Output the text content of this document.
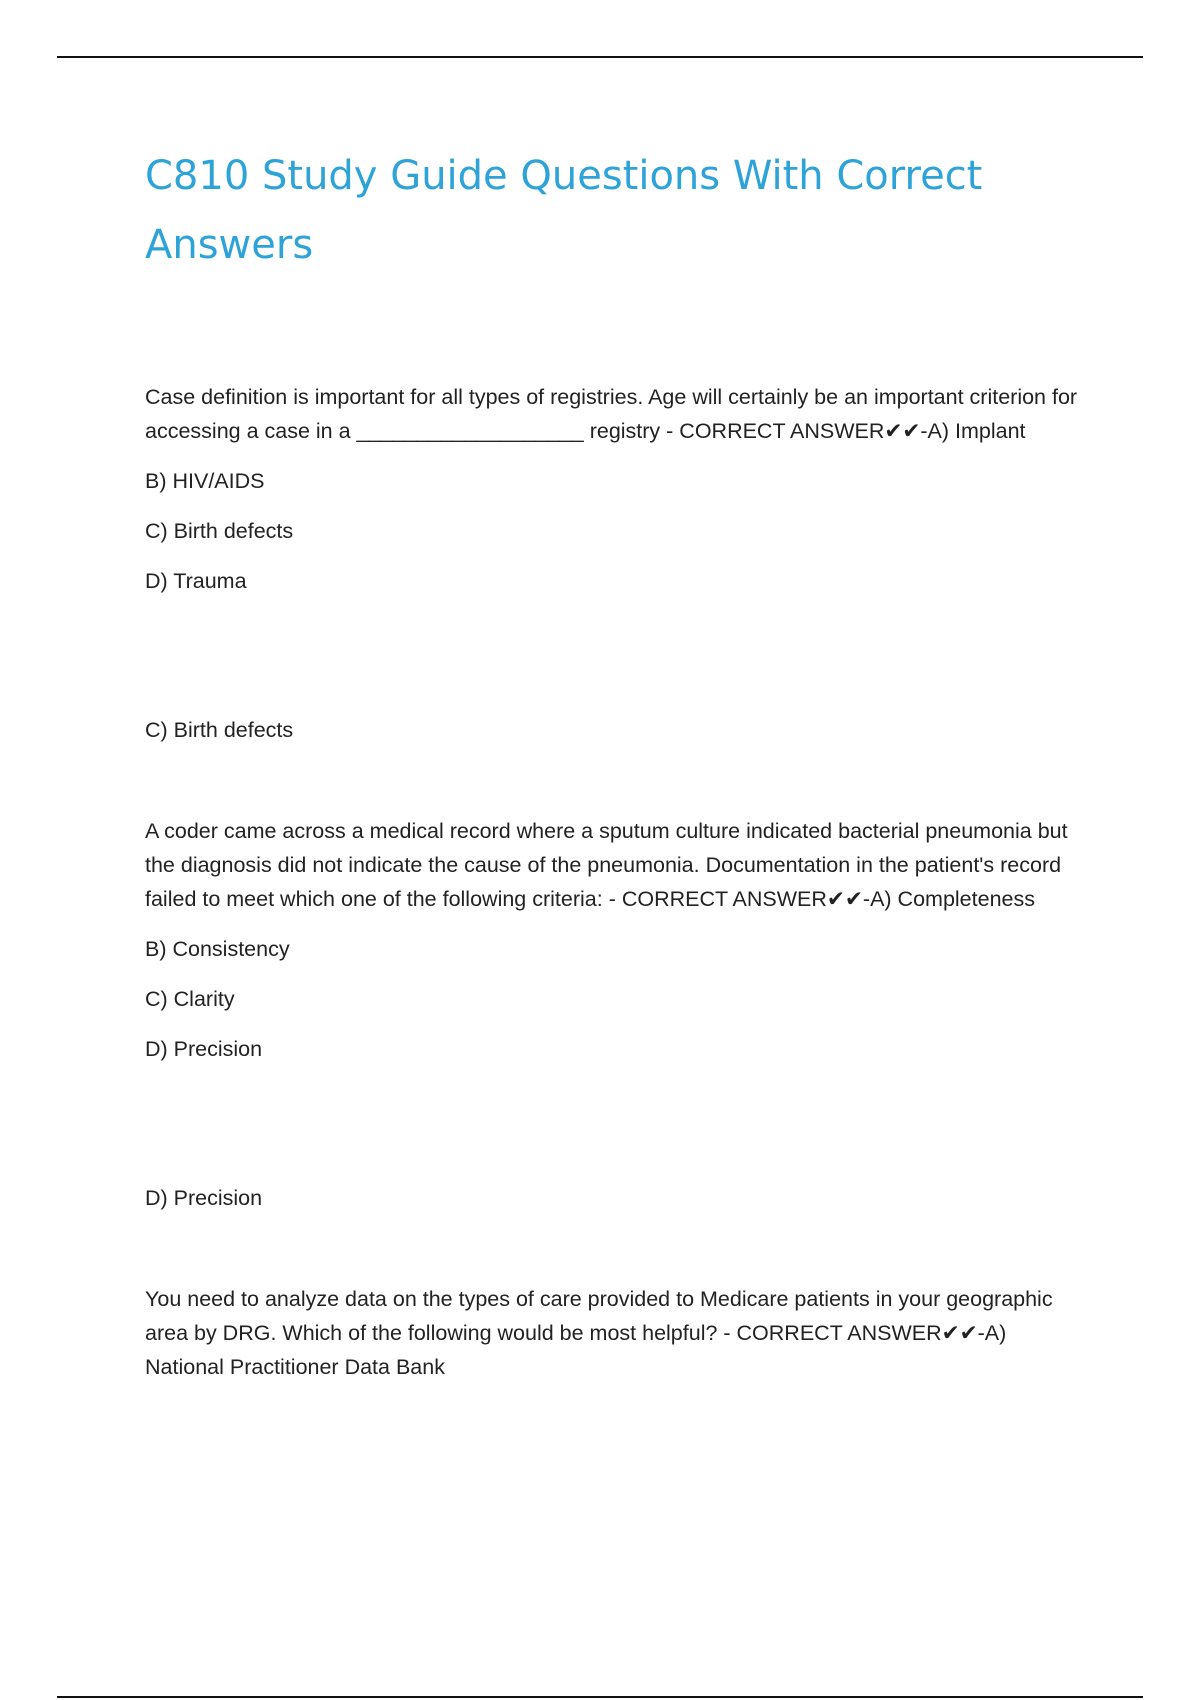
C810 Study Guide Questions With Correct Answers

Case definition is important for all types of registries. Age will certainly be an important criterion for accessing a case in a ___________________ registry - CORRECT ANSWER✔✔-A) Implant

B) HIV/AIDS

C) Birth defects

D) Trauma

C) Birth defects

A coder came across a medical record where a sputum culture indicated bacterial pneumonia but the diagnosis did not indicate the cause of the pneumonia. Documentation in the patient's record failed to meet which one of the following criteria: - CORRECT ANSWER✔✔-A) Completeness

B) Consistency

C) Clarity

D) Precision

D) Precision

You need to analyze data on the types of care provided to Medicare patients in your geographic area by DRG. Which of the following would be most helpful? - CORRECT ANSWER✔✔-A) National Practitioner Data Bank
